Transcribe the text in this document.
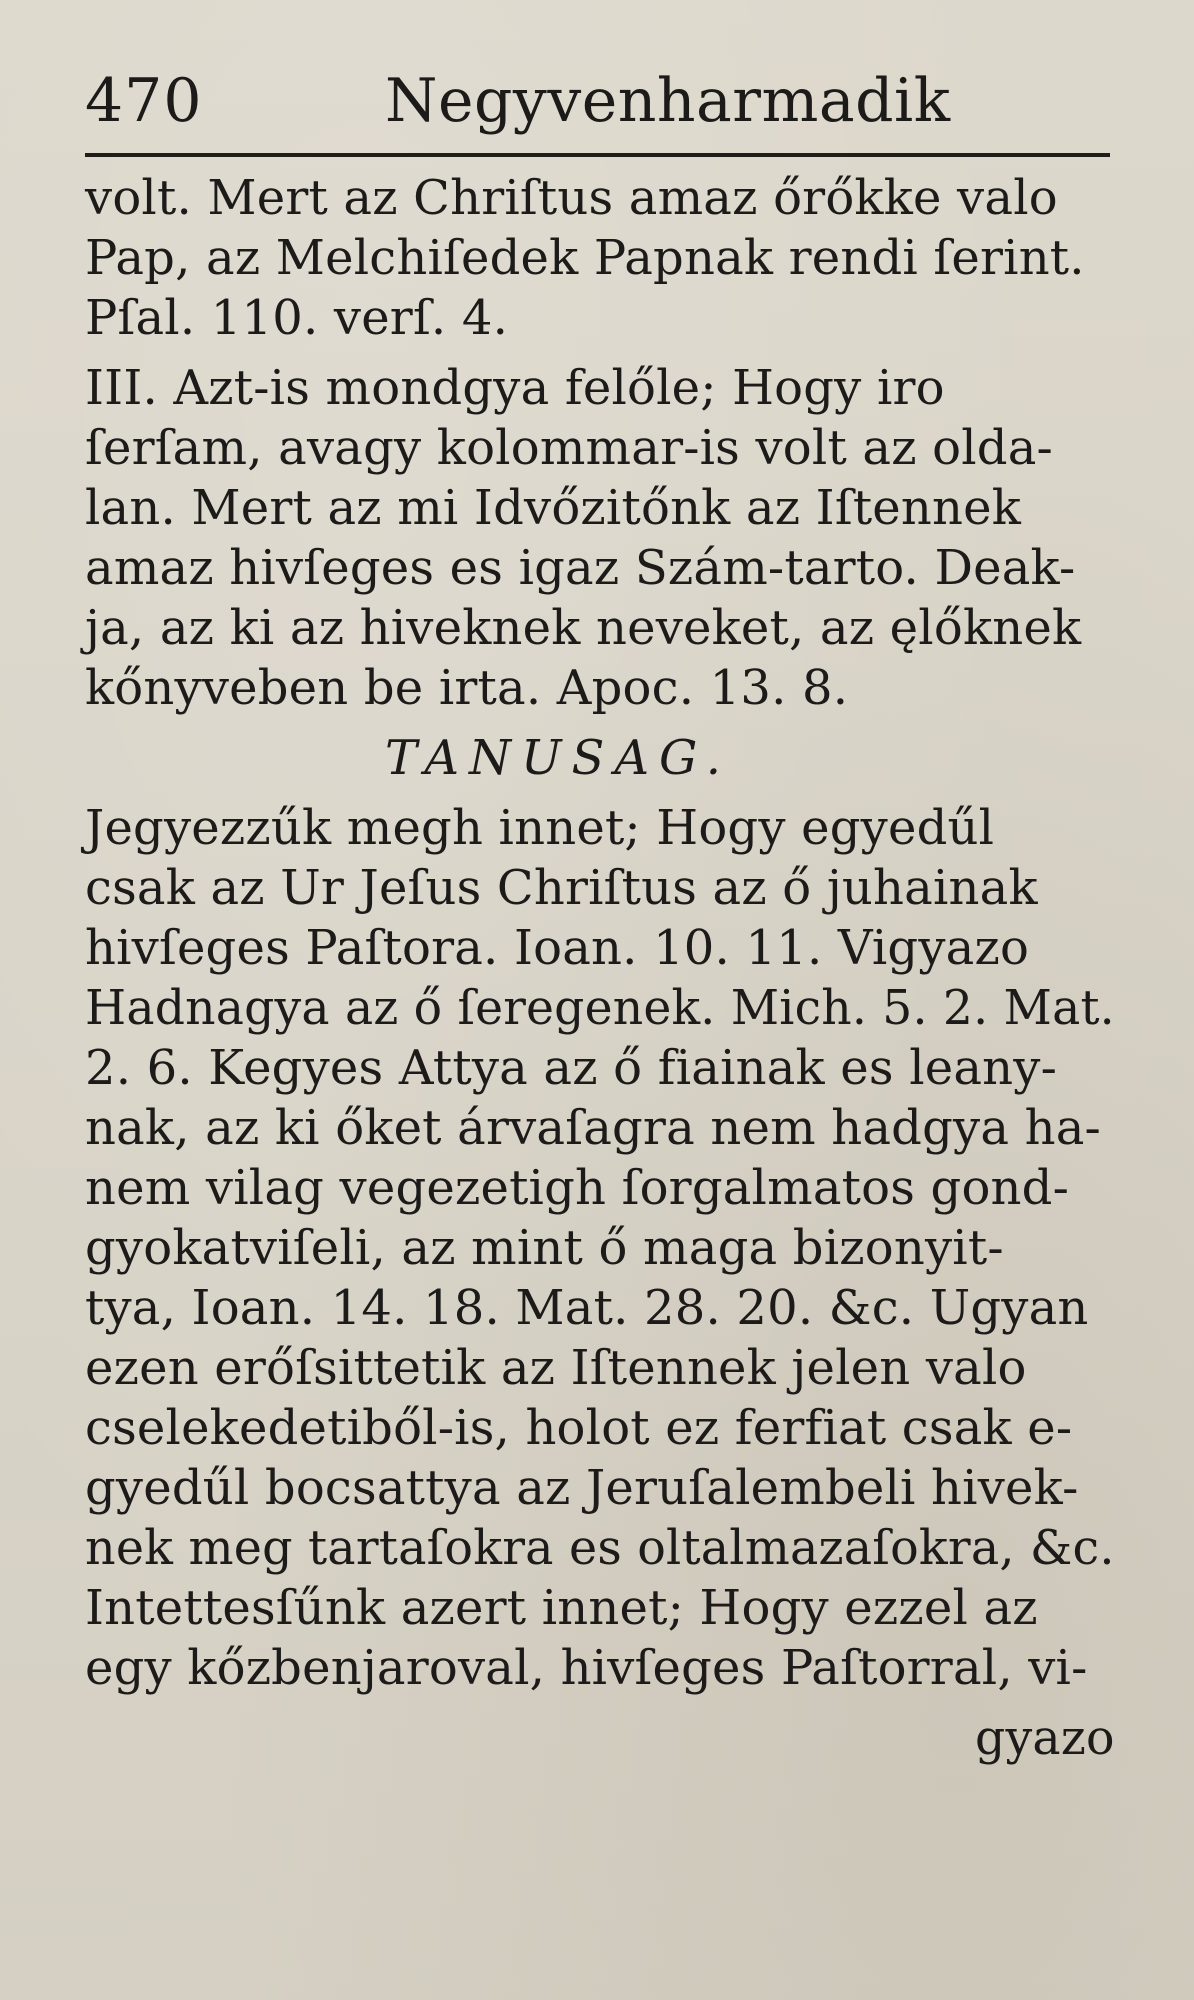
470	Negyvenharmadik
volt. Mert az Chriſtus amaz őrőkke valo
Pap, az Melchiſedek Papnak rendi ſerint.
Pſal. 110. verſ. 4.
III. Azt-is mondgya felőle; Hogy iro
ſerſam, avagy kolommar-is volt az olda-
lan. Mert az mi Idvőzitőnk az Iſtennek
amaz hivſeges es igaz Szám-tarto. Deak-
ja, az ki az hiveknek neveket, az ęlőknek
kőnyveben be irta. Apoc. 13. 8.
TANUSAG.
Jegyezzűk megh innet; Hogy egyedűl
csak az Ur Jeſus Chriſtus az ő juhainak
hivſeges Paſtora. Ioan. 10. 11. Vigyazo
Hadnagya az ő ſeregenek. Mich. 5. 2. Mat.
2. 6. Kegyes Attya az ő fiainak es leany-
nak, az ki őket árvaſagra nem hadgya ha-
nem vilag vegezetigh ſorgalmatos gond-
gyokatviſeli, az mint ő maga bizonyit-
tya, Ioan. 14. 18. Mat. 28. 20. &c. Ugyan
ezen erőſsittetik az Iſtennek jelen valo
cselekedetiből-is, holot ez ferfiat csak e-
gyedűl bocsattya az Jeruſalembeli hivek-
nek meg tartaſokra es oltalmazaſokra, &c.
Intettesſűnk azert innet; Hogy ezzel az
egy kőzbenjaroval, hivſeges Paſtorral, vi-
gyazo
